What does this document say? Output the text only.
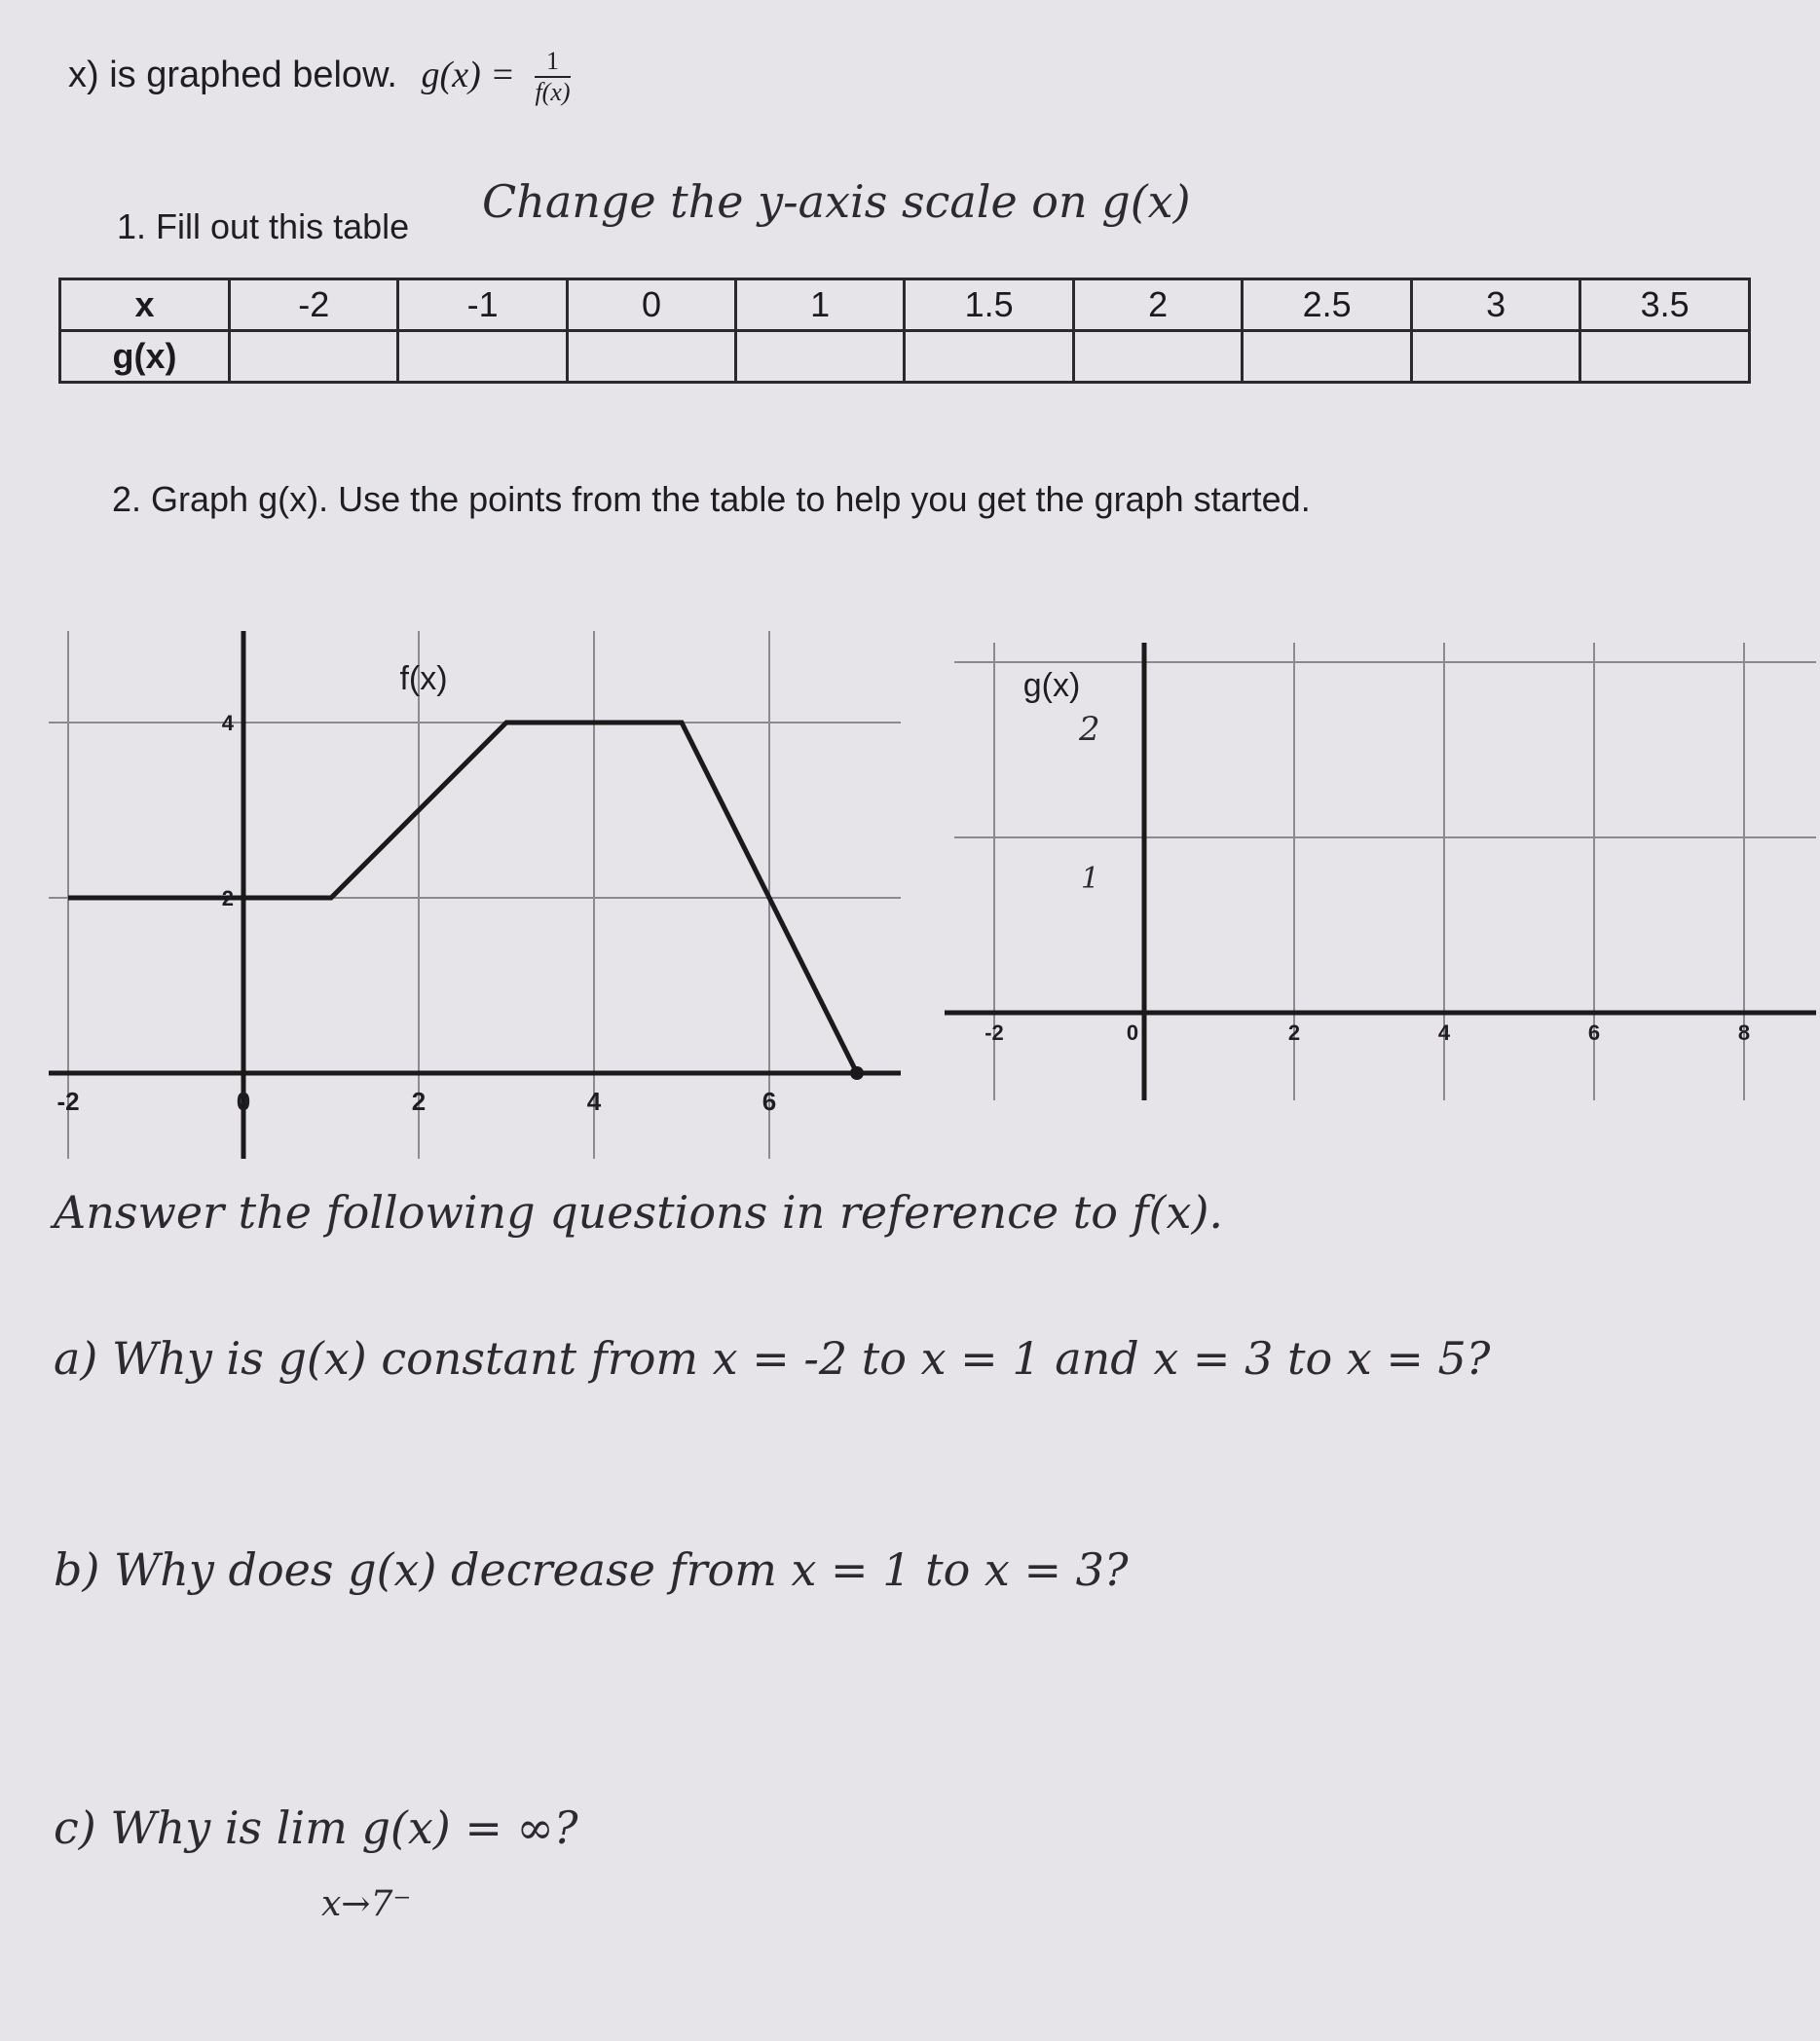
x) is graphed below. $g(x) = \frac{1}{f(x)}$
1. Fill out this table Change the y-axis scale on g(x)
x	-2	-1	0	1	1.5	2	2.5	3	3.5
g(x)									
2. Graph g(x). Use the points from the table to help you get the graph started.
-2	0	2	4	6
2
4
f(x)
-2	0	2	4	6	8
g(x)
2
1
Answer the following questions in reference to f(x).
a) Why is g(x) constant from x = -2 to x = 1 and x = 3 to x = 5?
b) Why does g(x) decrease from x = 1 to x = 3?
c) Why is lim g(x) = ∞?
x→7⁻
